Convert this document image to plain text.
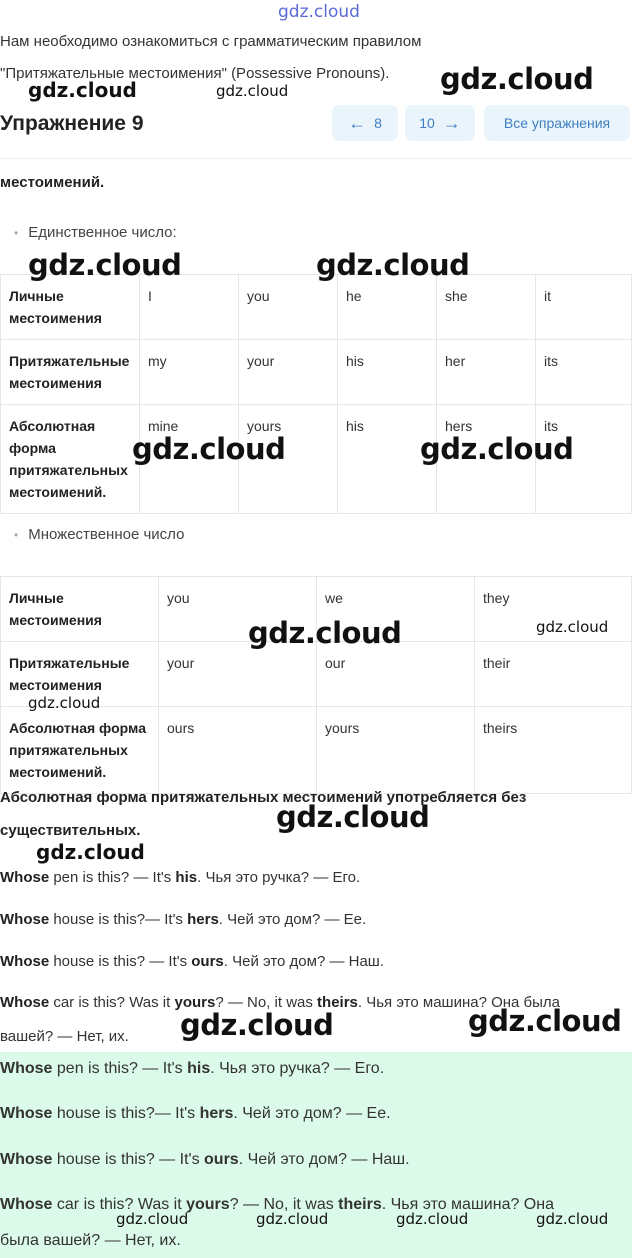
gdz.cloud
Нам необходимо ознакомиться с грамматическим правилом
"Притяжательные местоимения" (Possessive Pronouns).	gdz.cloud
gdz.cloud
gdz.cloud
Упражнение 9	← 8	10 →	Все упражнения
местоимений.
• Единственное число:
gdz.cloud	gdz.cloud
Личные местоимения	I	you	he	she	it
Притяжательные местоимения	my	your	his	her	its
Абсолютная форма притяжательных местоимений.	mine	yours	his	hers	its
gdz.cloud	gdz.cloud
• Множественное число
Личные местоимения	you	we	they
Притяжательные местоимения	your	our	their
Абсолютная форма притяжательных местоимений.	ours	yours	theirs
gdz.cloud	gdz.cloud
gdz.cloud
Абсолютная форма притяжательных местоимений употребляется без
существительных.	gdz.cloud
gdz.cloud
Whose pen is this? — It's his. Чья это ручка? — Его.
Whose house is this?— It's hers. Чей это дом? — Ее.
Whose house is this? — It's ours. Чей это дом? — Наш.
Whose car is this? Was it yours? — No, it was theirs. Чья это машина? Она была
вашей? — Нет, их. gdz.cloud	gdz.cloud
Whose pen is this? — It's his. Чья это ручка? — Его.
Whose house is this?— It's hers. Чей это дом? — Ее.
Whose house is this? — It's ours. Чей это дом? — Наш.
Whose car is this? Was it yours? — No, it was theirs. Чья это машина? Она
была вашей? — Нет, их.
gdz.cloud	gdz.cloud	gdz.cloud	gdz.cloud
